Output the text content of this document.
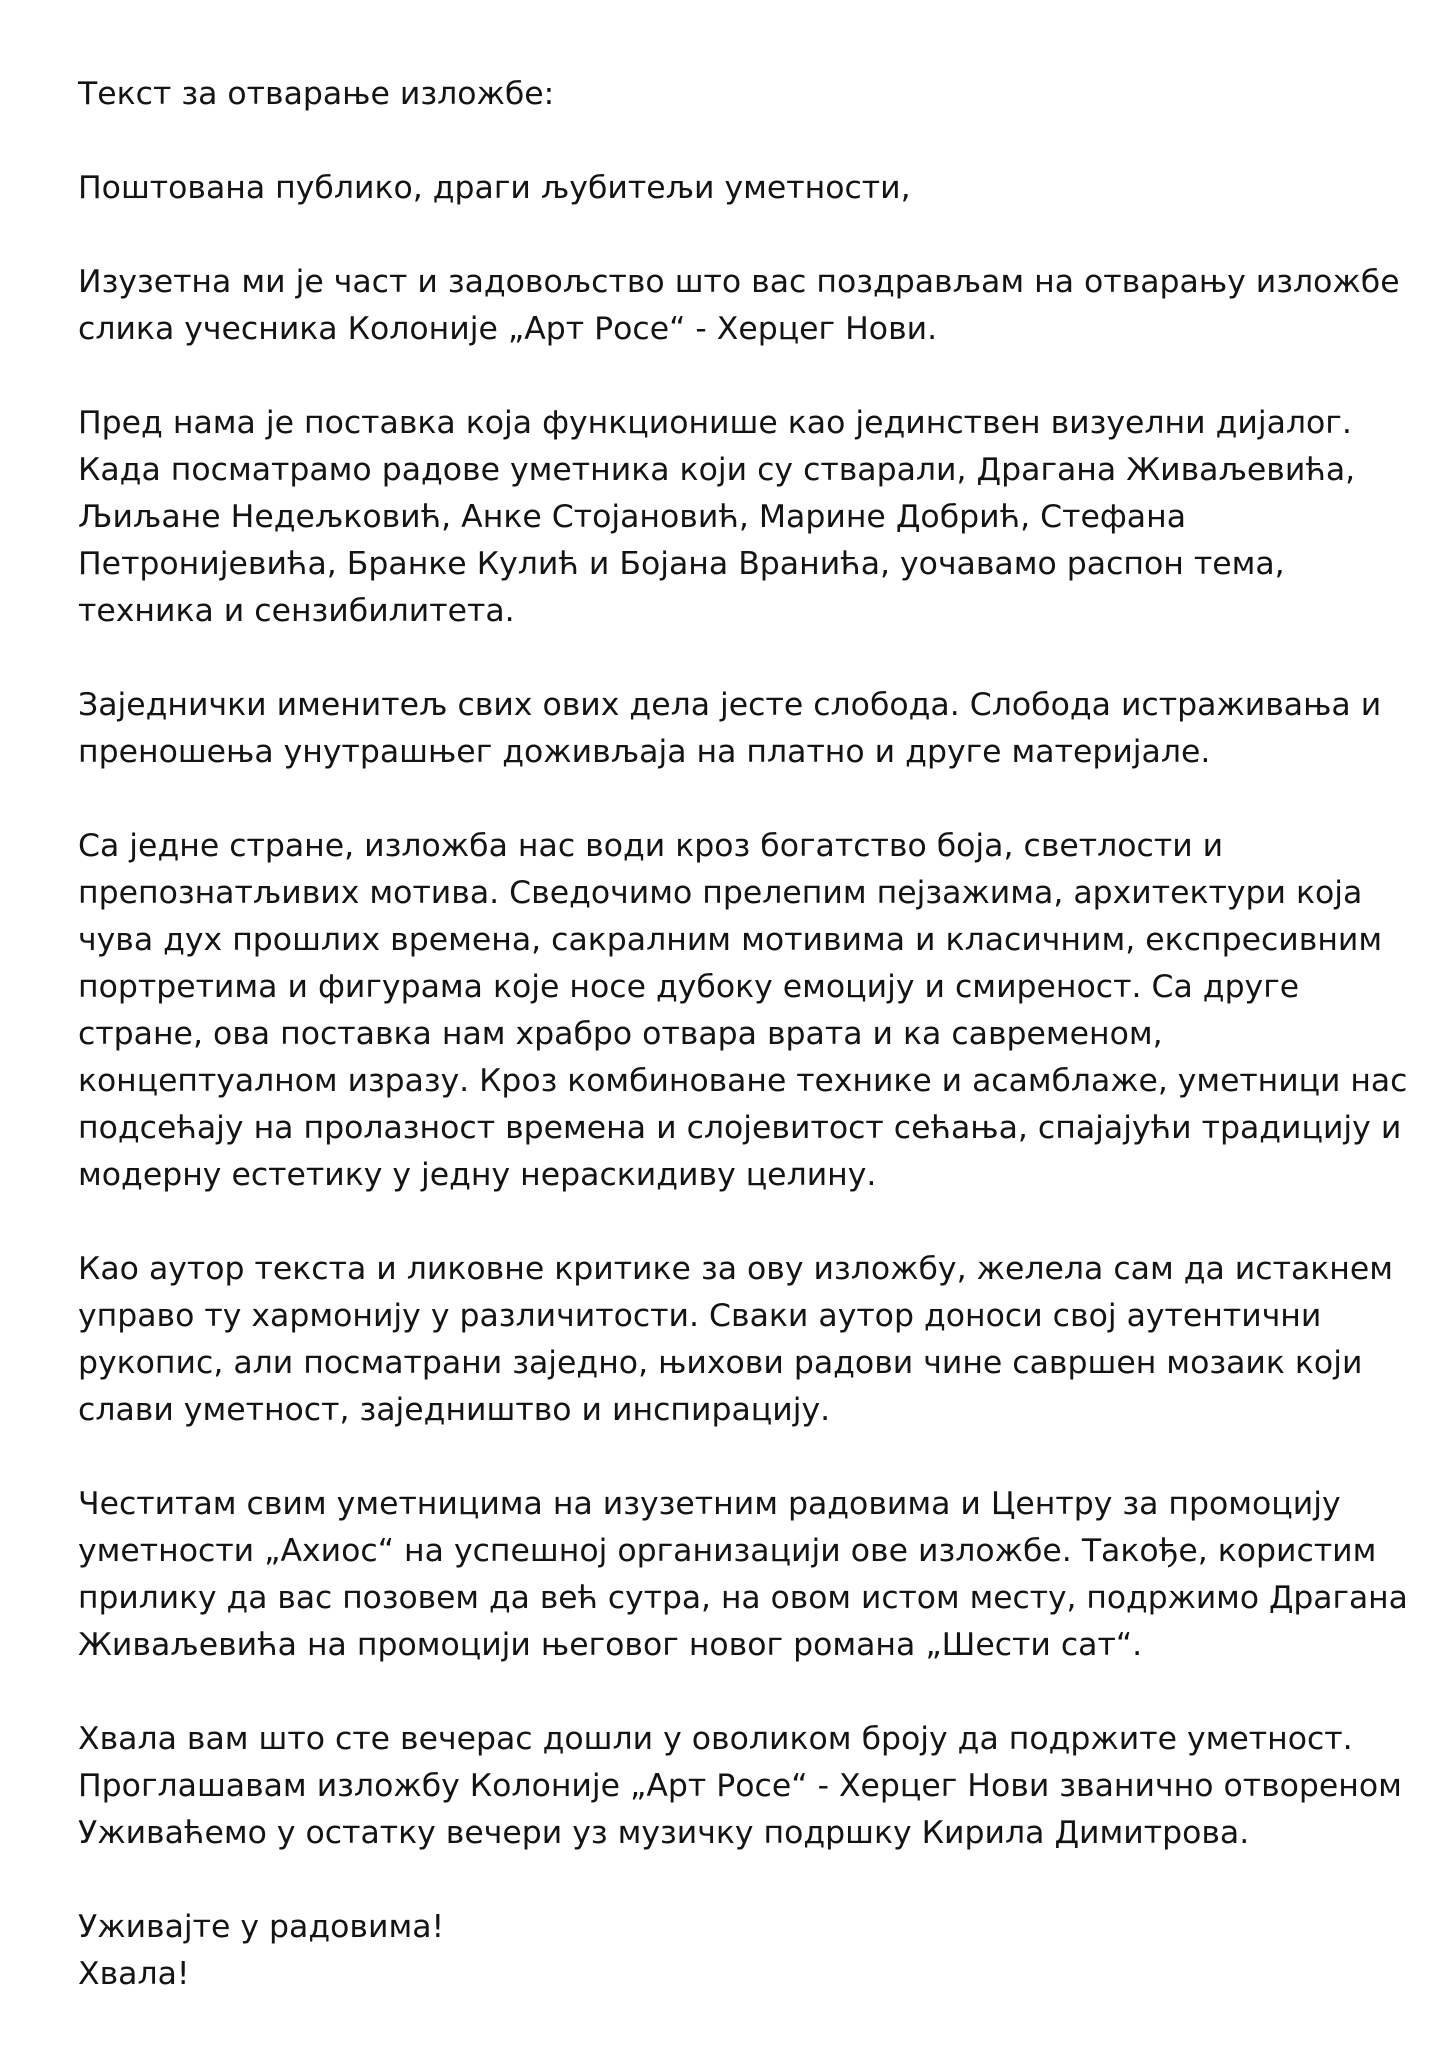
Текст за отварање изложбе:

Поштована публико, драги љубитељи уметности,

Изузетна ми је част и задовољство што вас поздрављам на отварању изложбе
слика учесника Колоније „Арт Росе“ - Херцег Нови.

Пред нама је поставка која функционише као јединствен визуелни дијалог.
Када посматрамо радове уметника који су стварали, Драгана Живаљевића,
Љиљане Недељковић, Анке Стојановић, Марине Добрић, Стефана
Петронијевића, Бранке Кулић и Бојана Вранића, уочавамо распон тема,
техника и сензибилитета.

Заједнички именитељ свих ових дела јесте слобода. Слобода истраживања и
преношења унутрашњег доживљаја на платно и друге материјале.

Са једне стране, изложба нас води кроз богатство боја, светлости и
препознатљивих мотива. Сведочимо прелепим пејзажима, архитектури која
чува дух прошлих времена, сакралним мотивима и класичним, експресивним
портретима и фигурама које носе дубоку емоцију и смиреност. Са друге
стране, ова поставка нам храбро отвара врата и ка савременом,
концептуалном изразу. Кроз комбиноване технике и асамблаже, уметници нас
подсећају на пролазност времена и слојевитост сећања, спајајући традицију и
модерну естетику у једну нераскидиву целину.

Као аутор текста и ликовне критике за ову изложбу, желела сам да истакнем
управо ту хармонију у различитости. Сваки аутор доноси свој аутентични
рукопис, али посматрани заједно, њихови радови чине савршен мозаик који
слави уметност, заједништво и инспирацију.

Честитам свим уметницима на изузетним радовима и Центру за промоцију
уметности „Ахиос“ на успешној организацији ове изложбе. Такође, користим
прилику да вас позовем да већ сутра, на овом истом месту, подржимо Драгана
Живаљевића на промоцији његовог новог романа „Шести сат“.

Хвала вам што сте вечерас дошли у оволиком броју да подржите уметност.
Проглашавам изложбу Колоније „Арт Росе“ - Херцег Нови званично отвореном
Уживаћемо у остатку вечери уз музичку подршку Кирила Димитрова.

Уживајте у радовима!
Хвала!
